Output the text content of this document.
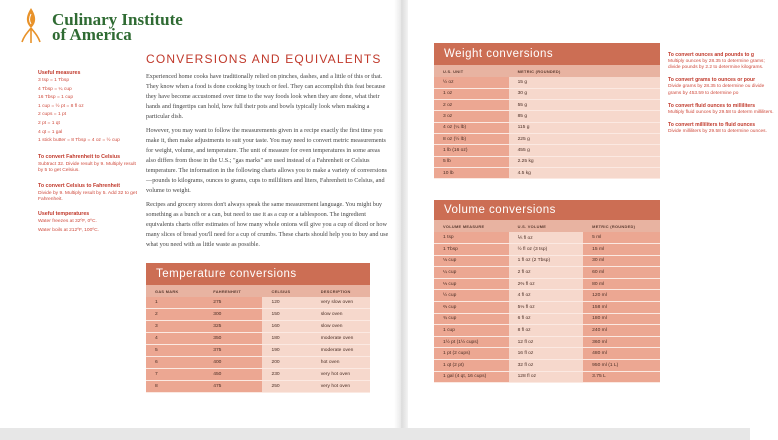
Culinary Institute
of America
Useful measures
3 tsp = 1 Tbsp
4 Tbsp = ¼ cup
16 Tbsp = 1 cup
1 cup = ½ pt = 8 fl oz
2 cups = 1 pt
2 pt = 1 qt
4 qt = 1 gal
1 stick butter = 8 Tbsp = 4 oz = ½ cup
To convert Fahrenheit to Celsius
Subtract 32. Divide result by 9. Multiply result by 5 to get Celsius.
To convert Celsius to Fahrenheit
Divide by 9. Multiply result by 5. Add 32 to get Fahrenheit.
Useful temperatures
Water freezes at 32ºF, 0ºC.
Water boils at 212ºF, 100ºC.
CONVERSIONS AND EQUIVALENTS

Experienced home cooks have traditionally relied on pinches, dashes, and a little of this or that. They know when a food is done cooking by touch or feel. They can accomplish this feat because they have become accustomed over time to the way foods look when they are done, what their hands and fingertips can hold, how full their pots and bowls typically look when making a particular dish.

However, you may want to follow the measurements given in a recipe exactly the first time you make it, then make adjustments to suit your taste. You may need to convert metric measurements for weight, volume, and temperature. The unit of measure for oven temperatures in some areas also differs from those in the U.S.; "gas marks" are used instead of a Fahrenheit or Celsius temperature. The information in the following charts allows you to make a variety of conversions—pounds to kilograms, ounces to grams, cups to milliliters and liters, Fahrenheit to Celsius, and volume to weight.

Recipes and grocery stores don't always speak the same measurement language. You might buy something as a bunch or a can, but need to use it as a cup or a tablespoon. The ingredient equivalents charts offer estimates of how many whole onions will give you a cup of diced or how many slices of bread you'll need for a cup of crumbs. These charts should help you to buy and use what you need with as little waste as possible.

Temperature conversions
GAS MARK	FAHRENHEIT	CELSIUS	DESCRIPTION
1	275	120	very slow oven
2	300	150	slow oven
3	325	160	slow oven
4	350	180	moderate oven
5	375	190	moderate oven
6	400	200	hot oven
7	450	230	very hot oven
8	475	250	very hot oven
Weight conversions
U.S. UNIT	METRIC (ROUNDED)
½ oz	15 g
1 oz	30 g
2 oz	55 g
3 oz	85 g
4 oz (¼ lb)	115 g
8 oz (½ lb)	225 g
1 lb (16 oz)	455 g
5 lb	2.25 kg
10 lb	4.5 kg
Volume conversions
VOLUME MEASURE	U.S. VOLUME	METRIC (ROUNDED)
1 tsp	⅙ fl oz	5 ml
1 Tbsp	½ fl oz (3 tsp)	15 ml
⅛ cup	1 fl oz (2 Tbsp)	30 ml
¼ cup	2 fl oz	60 ml
⅓ cup	2⅔ fl oz	80 ml
½ cup	4 fl oz	120 ml
⅔ cup	5⅓ fl oz	158 ml
¾ cup	6 fl oz	180 ml
1 cup	8 fl oz	240 ml
1½ pt (1½ cups)	12 fl oz	360 ml
1 pt (2 cups)	16 fl oz	480 ml
1 qt (2 pt)	32 fl oz	950 ml (1 L)
1 gal (4 qt, 16 cups)	128 fl oz	3.75 L
To convert ounces and pounds to g
Multiply ounces by 28.35 to determine grams; divide pounds by 2.2 to determine kilograms.
To convert grams to ounces or pour
Divide grams by 28.35 to determine ou divide grams by 453.59 to determine po
To convert fluid ounces to milliliters
Multiply fluid ounces by 29.58 to determ milliliters.
To convert milliliters to fluid ounces
Divide milliliters by 29.58 to determine ounces.
